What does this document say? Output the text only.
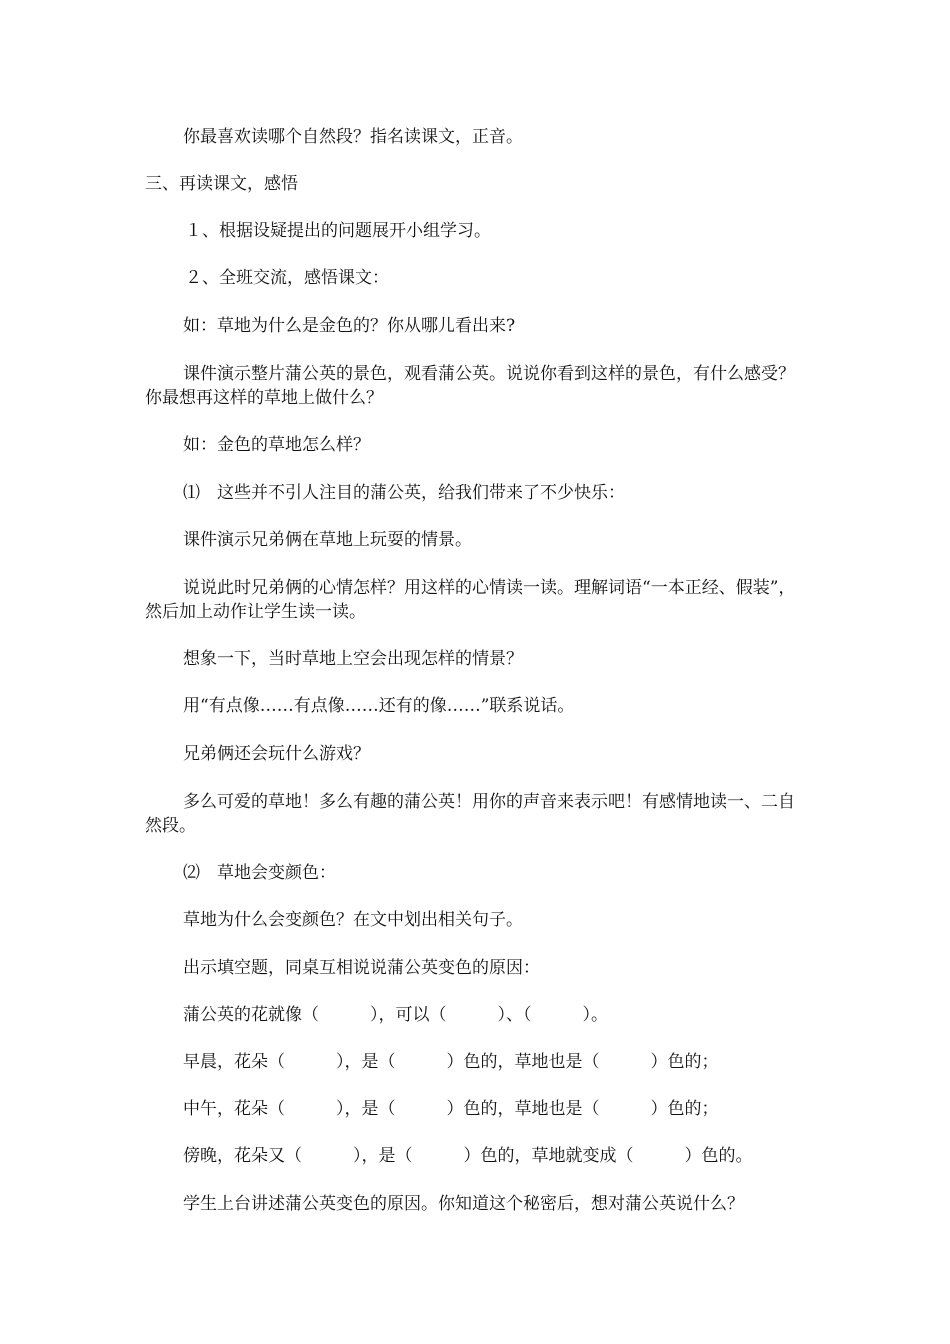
你最喜欢读哪个自然段？指名读课文，正音。

三、再读课文，感悟

１、根据设疑提出的问题展开小组学习。

２、全班交流，感悟课文：

如：草地为什么是金色的？你从哪儿看出来?

课件演示整片蒲公英的景色，观看蒲公英。说说你看到这样的景色，有什么感受？你最想再这样的草地上做什么？

如：金色的草地怎么样？

⑴　这些并不引人注目的蒲公英，给我们带来了不少快乐：

课件演示兄弟俩在草地上玩耍的情景。

说说此时兄弟俩的心情怎样？用这样的心情读一读。理解词语“一本正经、假装”，然后加上动作让学生读一读。

想象一下，当时草地上空会出现怎样的情景？

用“有点像……有点像……还有的像……”联系说话。

兄弟俩还会玩什么游戏？

多么可爱的草地！多么有趣的蒲公英！用你的声音来表示吧！有感情地读一、二自然段。

⑵　草地会变颜色：

草地为什么会变颜色？在文中划出相关句子。

出示填空题，同桌互相说说蒲公英变色的原因：

蒲公英的花就像（　　　），可以（　　　）、（　　　）。

早晨，花朵（　　　），是（　　　）色的，草地也是（　　　）色的；

中午，花朵（　　　），是（　　　）色的，草地也是（　　　）色的；

傍晚，花朵又（　　　），是（　　　）色的，草地就变成（　　　）色的。

学生上台讲述蒲公英变色的原因。你知道这个秘密后，想对蒲公英说什么？
